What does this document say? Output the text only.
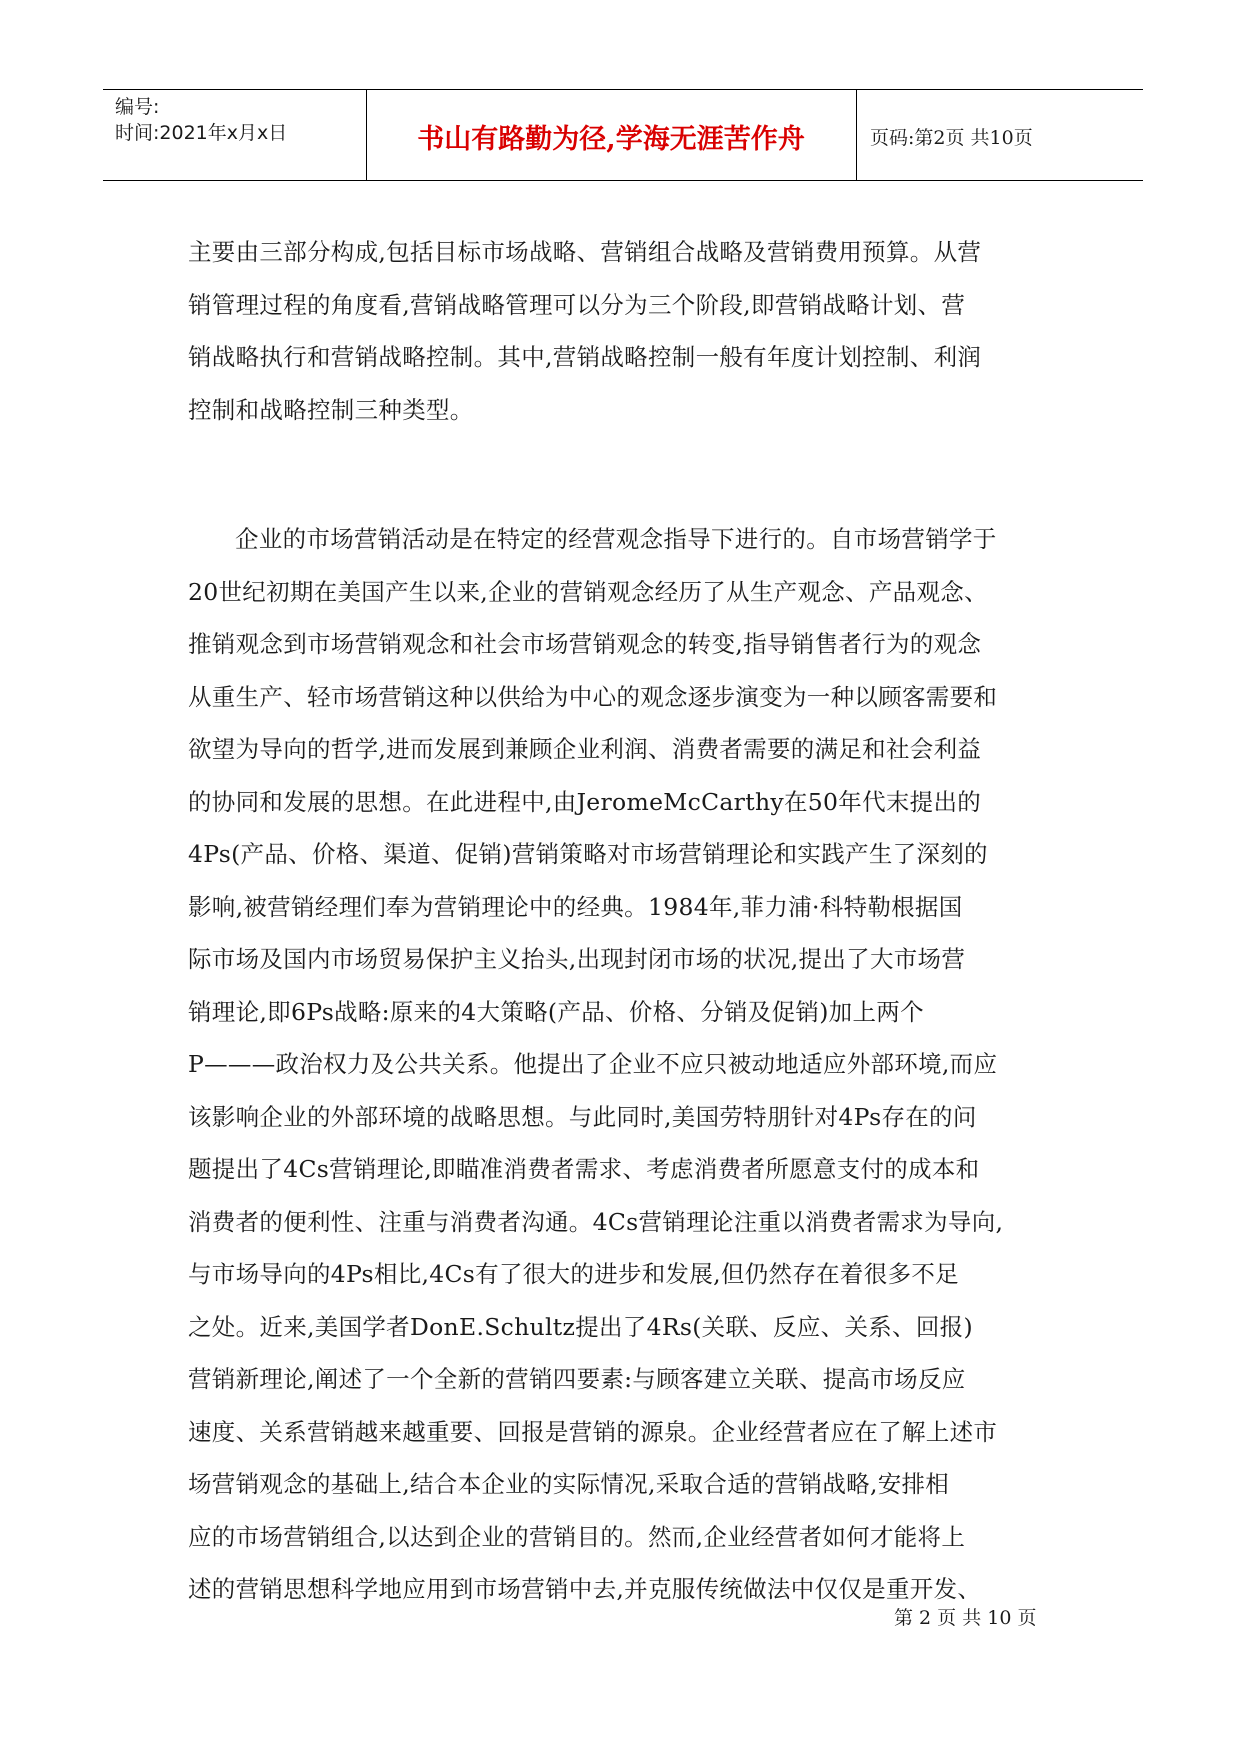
编号:
时间:2021年x月x日	书山有路勤为径,学海无涯苦作舟	页码:第2页 共10页
主要由三部分构成,包括目标市场战略、营销组合战略及营销费用预算。从营
销管理过程的角度看,营销战略管理可以分为三个阶段,即营销战略计划、营
销战略执行和营销战略控制。其中,营销战略控制一般有年度计划控制、利润
控制和战略控制三种类型。
企业的市场营销活动是在特定的经营观念指导下进行的。自市场营销学于
20世纪初期在美国产生以来,企业的营销观念经历了从生产观念、产品观念、
推销观念到市场营销观念和社会市场营销观念的转变,指导销售者行为的观念
从重生产、轻市场营销这种以供给为中心的观念逐步演变为一种以顾客需要和
欲望为导向的哲学,进而发展到兼顾企业利润、消费者需要的满足和社会利益
的协同和发展的思想。在此进程中,由JeromeMcCarthy在50年代末提出的
4Ps(产品、价格、渠道、促销)营销策略对市场营销理论和实践产生了深刻的
影响,被营销经理们奉为营销理论中的经典。1984年,菲力浦·科特勒根据国
际市场及国内市场贸易保护主义抬头,出现封闭市场的状况,提出了大市场营
销理论,即6Ps战略:原来的4大策略(产品、价格、分销及促销)加上两个
P———政治权力及公共关系。他提出了企业不应只被动地适应外部环境,而应
该影响企业的外部环境的战略思想。与此同时,美国劳特朋针对4Ps存在的问
题提出了4Cs营销理论,即瞄准消费者需求、考虑消费者所愿意支付的成本和
消费者的便利性、注重与消费者沟通。4Cs营销理论注重以消费者需求为导向,
与市场导向的4Ps相比,4Cs有了很大的进步和发展,但仍然存在着很多不足
之处。近来,美国学者DonE.Schultz提出了4Rs(关联、反应、关系、回报)
营销新理论,阐述了一个全新的营销四要素:与顾客建立关联、提高市场反应
速度、关系营销越来越重要、回报是营销的源泉。企业经营者应在了解上述市
场营销观念的基础上,结合本企业的实际情况,采取合适的营销战略,安排相
应的市场营销组合,以达到企业的营销目的。然而,企业经营者如何才能将上
述的营销思想科学地应用到市场营销中去,并克服传统做法中仅仅是重开发、
第 2 页 共 10 页
